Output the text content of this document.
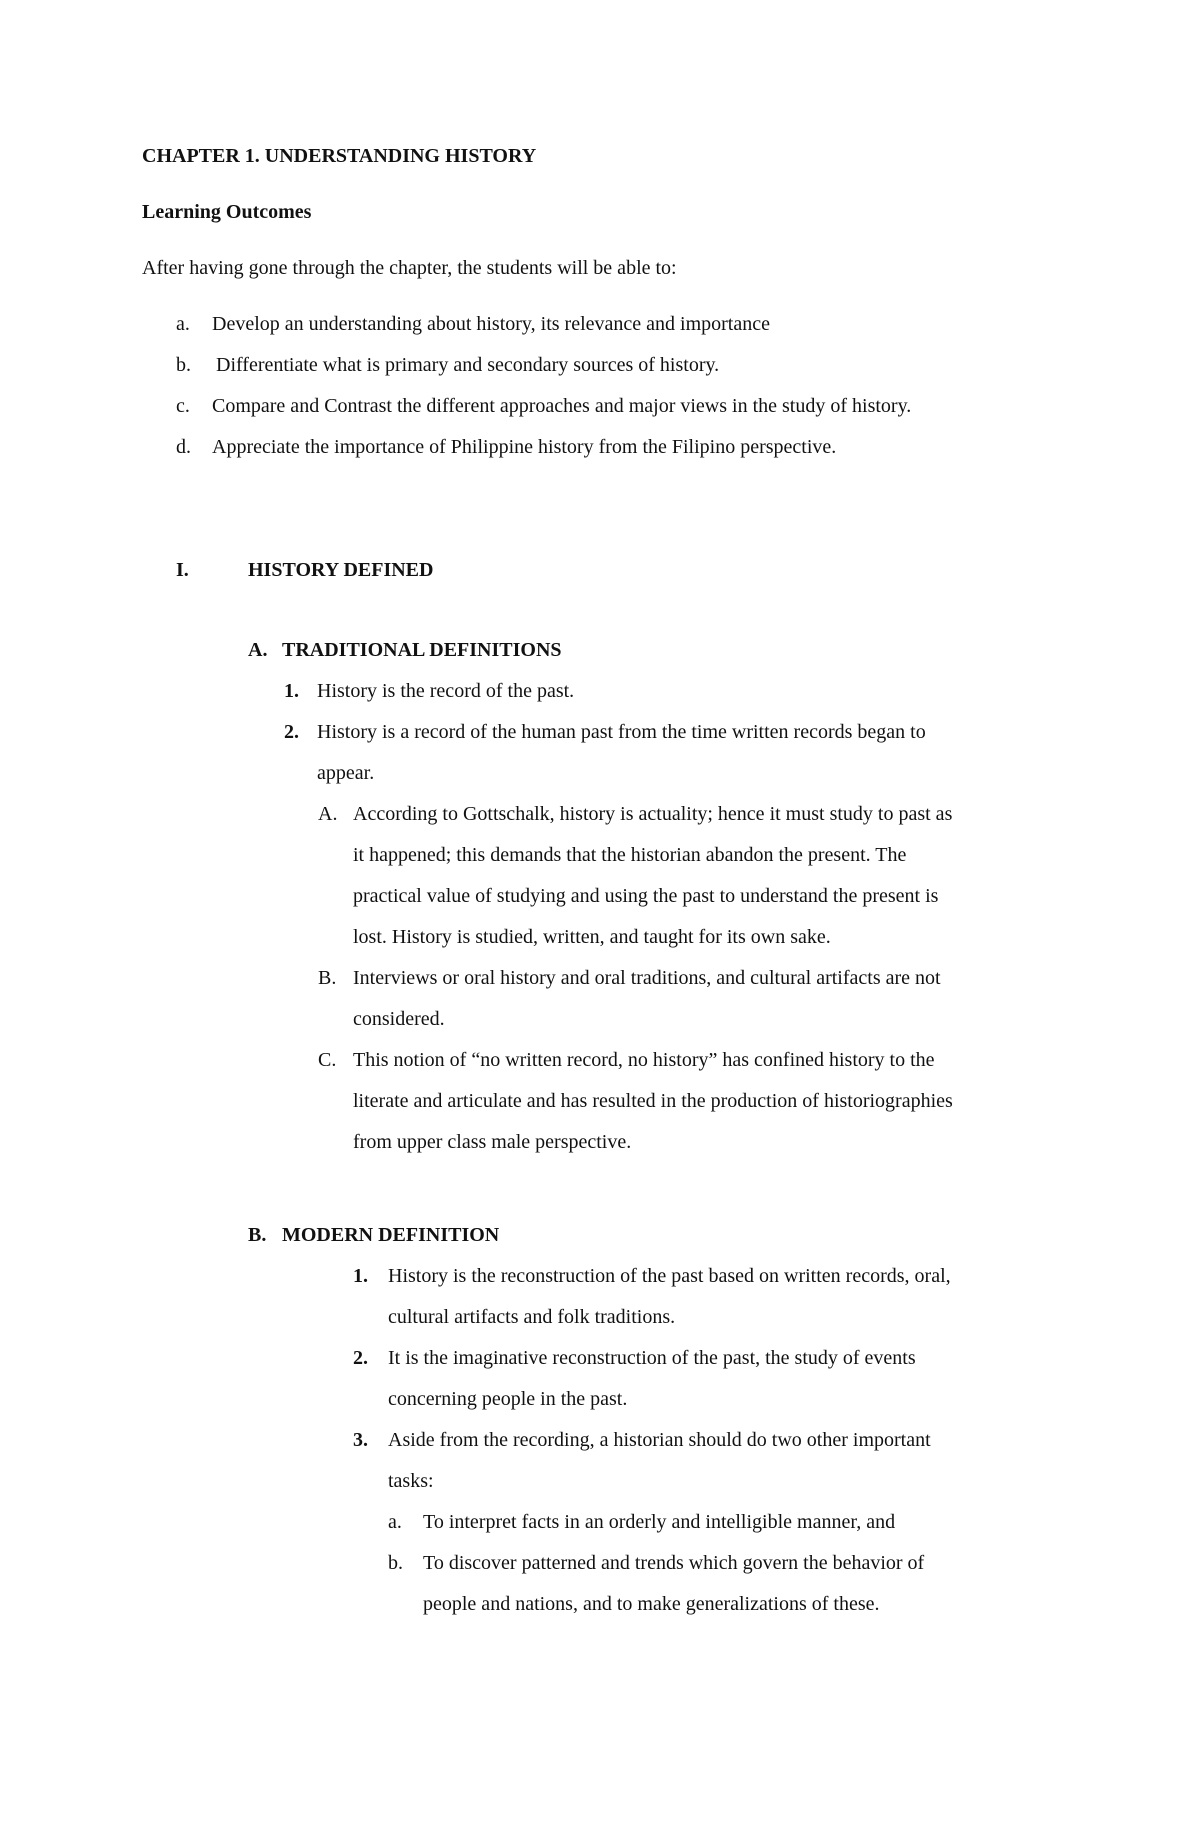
CHAPTER 1. UNDERSTANDING HISTORY
Learning Outcomes
After having gone through the chapter, the students will be able to:
a. Develop an understanding about history, its relevance and importance
b. Differentiate what is primary and secondary sources of history.
c. Compare and Contrast the different approaches and major views in the study of history.
d. Appreciate the importance of Philippine history from the Filipino perspective.
I.	HISTORY DEFINED
A. TRADITIONAL DEFINITIONS
1. History is the record of the past.
2. History is a record of the human past from the time written records began to
appear.
A. According to Gottschalk, history is actuality; hence it must study to past as
it happened; this demands that the historian abandon the present. The
practical value of studying and using the past to understand the present is
lost. History is studied, written, and taught for its own sake.
B. Interviews or oral history and oral traditions, and cultural artifacts are not
considered.
C. This notion of “no written record, no history” has confined history to the
literate and articulate and has resulted in the production of historiographies
from upper class male perspective.
B. MODERN DEFINITION
1. History is the reconstruction of the past based on written records, oral,
cultural artifacts and folk traditions.
2. It is the imaginative reconstruction of the past, the study of events
concerning people in the past.
3. Aside from the recording, a historian should do two other important
tasks:
a. To interpret facts in an orderly and intelligible manner, and
b. To discover patterned and trends which govern the behavior of
people and nations, and to make generalizations of these.
